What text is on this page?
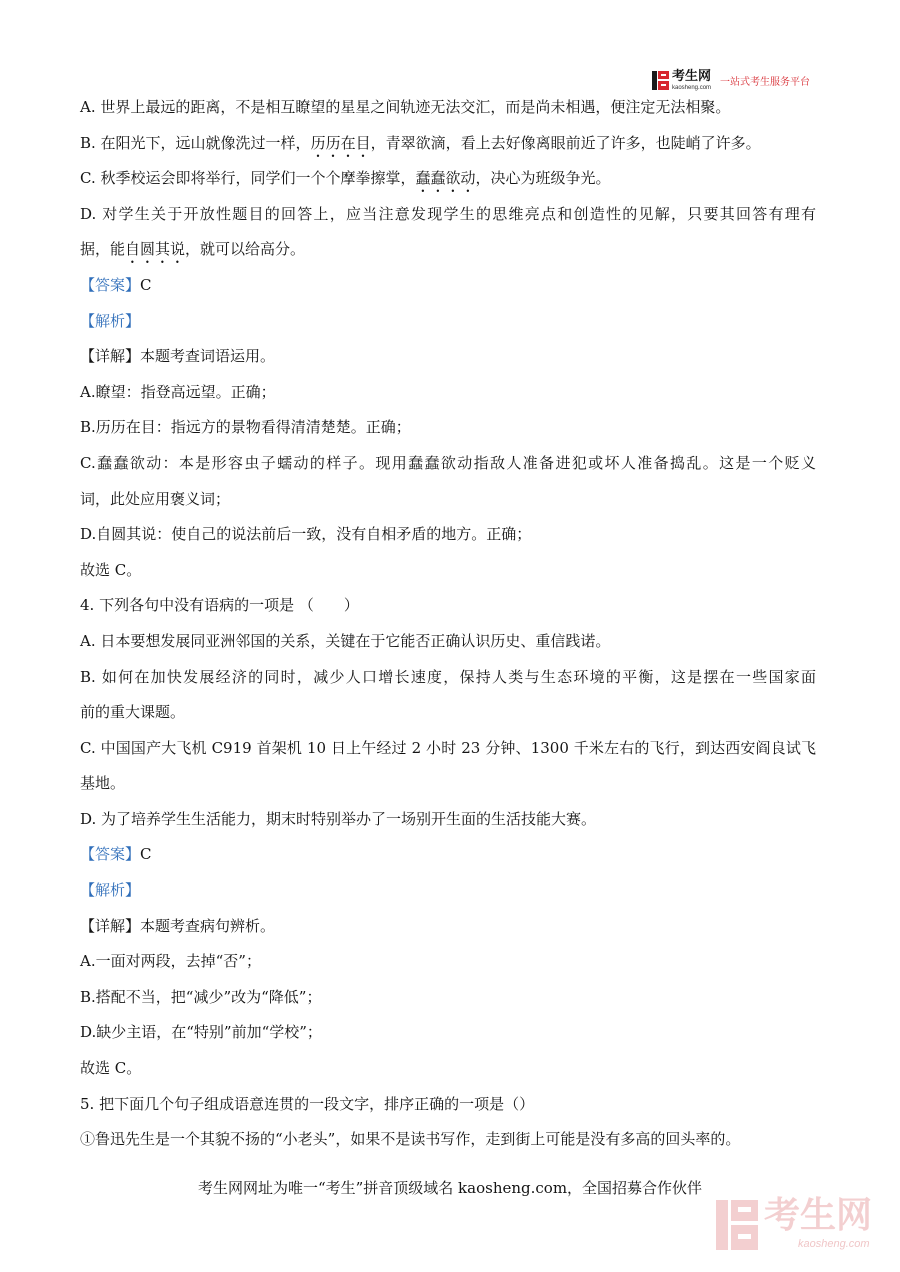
考生网
kaosheng.com 一站式考生服务平台
A. 世界上最远的距离，不是相互瞭望的星星之间轨迹无法交汇，而是尚未相遇，便注定无法相聚。
B. 在阳光下，远山就像洗过一样，历历在目，青翠欲滴，看上去好像离眼前近了许多，也陡峭了许多。
C. 秋季校运会即将举行，同学们一个个摩拳擦掌，蠢蠢欲动，决心为班级争光。
D. 对学生关于开放性题目的回答上，应当注意发现学生的思维亮点和创造性的见解，只要其回答有理有
据，能自圆其说，就可以给高分。
【答案】C
【解析】
【详解】本题考查词语运用。
A.瞭望：指登高远望。正确；
B.历历在目：指远方的景物看得清清楚楚。正确；
C.蠢蠢欲动：本是形容虫子蠕动的样子。现用蠢蠢欲动指敌人准备进犯或坏人准备捣乱。这是一个贬义
词，此处应用褒义词；
D.自圆其说：使自己的说法前后一致，没有自相矛盾的地方。正确；
故选 C。
4. 下列各句中没有语病的一项是 （　　）
A. 日本要想发展同亚洲邻国的关系，关键在于它能否正确认识历史、重信践诺。
B. 如何在加快发展经济的同时，减少人口增长速度，保持人类与生态环境的平衡，这是摆在一些国家面
前的重大课题。
C. 中国国产大飞机 C919 首架机 10 日上午经过 2 小时 23 分钟、1300 千米左右的飞行，到达西安阎良试飞
基地。
D. 为了培养学生生活能力，期末时特别举办了一场别开生面的生活技能大赛。
【答案】C
【解析】
【详解】本题考查病句辨析。
A.一面对两段，去掉“否”；
B.搭配不当，把“减少”改为“降低”；
D.缺少主语，在“特别”前加“学校”；
故选 C。
5. 把下面几个句子组成语意连贯的一段文字，排序正确的一项是（）
①鲁迅先生是一个其貌不扬的“小老头”，如果不是读书写作，走到街上可能是没有多高的回头率的。
考生网网址为唯一“考生”拼音顶级域名 kaosheng.com，全国招募合作伙伴
考生网
kaosheng.com
